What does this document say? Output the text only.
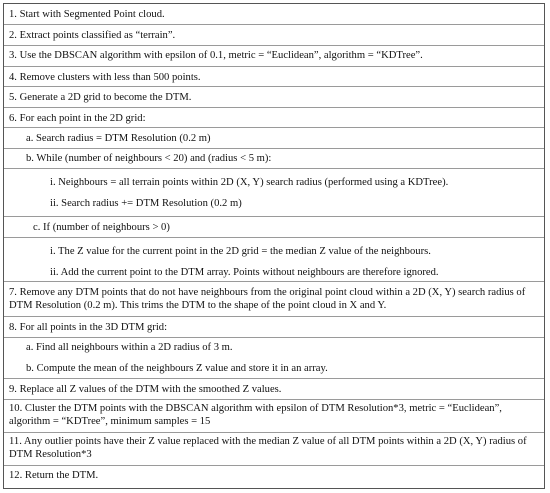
1. Start with Segmented Point cloud.
2. Extract points classified as “terrain”.
3. Use the DBSCAN algorithm with epsilon of 0.1, metric = “Euclidean”, algorithm = “KDTree”.
4. Remove clusters with less than 500 points.
5. Generate a 2D grid to become the DTM.
6. For each point in the 2D grid:
a. Search radius = DTM Resolution (0.2 m)
b. While (number of neighbours < 20) and (radius < 5 m):
i. Neighbours = all terrain points within 2D (X, Y) search radius (performed using a KDTree).
ii. Search radius += DTM Resolution (0.2 m)
c. If (number of neighbours > 0)
i. The Z value for the current point in the 2D grid = the median Z value of the neighbours.
ii. Add the current point to the DTM array. Points without neighbours are therefore ignored.
7. Remove any DTM points that do not have neighbours from the original point cloud within a 2D (X, Y) search radius of DTM Resolution (0.2 m). This trims the DTM to the shape of the point cloud in X and Y.
8. For all points in the 3D DTM grid:
a. Find all neighbours within a 2D radius of 3 m.
b. Compute the mean of the neighbours Z value and store it in an array.
9. Replace all Z values of the DTM with the smoothed Z values.
10. Cluster the DTM points with the DBSCAN algorithm with epsilon of DTM Resolution*3, metric = “Euclidean”, algorithm = “KDTree”, minimum samples = 15
11. Any outlier points have their Z value replaced with the median Z value of all DTM points within a 2D (X, Y) radius of DTM Resolution*3
12. Return the DTM.
